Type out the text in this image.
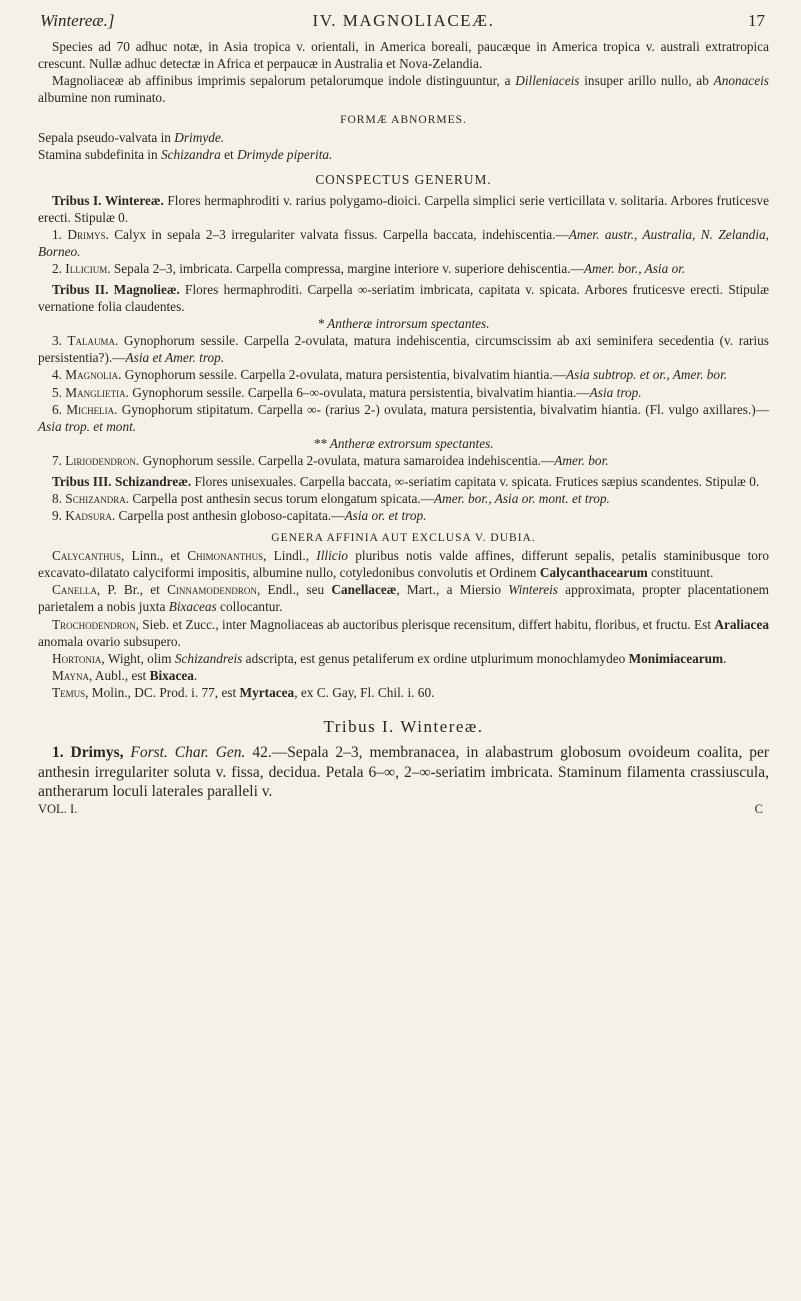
Wintereæ.]	IV. MAGNOLIACEÆ.	17

Species ad 70 adhuc notæ, in Asia tropica v. orientali, in America boreali, paucæque in America tropica v. australi extratropica crescunt. Nullæ adhuc detectæ in Africa et perpaucæ in Australia et Nova-Zelandia.

Magnoliaceæ ab affinibus imprimis sepalorum petalorumque indole distinguuntur, a Dilleniaceis insuper arillo nullo, ab Anonaceis albumine non ruminato.

FORMÆ ABNORMES.

Sepala pseudo-valvata in Drimyde.

Stamina subdefinita in Schizandra et Drimyde piperita.

CONSPECTUS GENERUM.

Tribus I. Wintereæ. Flores hermaphroditi v. rarius polygamo-dioici. Carpella simplici serie verticillata v. solitaria. Arbores fruticesve erecti. Stipulæ 0.

1. Drimys. Calyx in sepala 2–3 irregulariter valvata fissus. Carpella baccata, indehiscentia.—Amer. austr., Australia, N. Zelandia, Borneo.

2. Illicium. Sepala 2–3, imbricata. Carpella compressa, margine interiore v. superiore dehiscentia.—Amer. bor., Asia or.

Tribus II. Magnolieæ. Flores hermaphroditi. Carpella ∞-seriatim imbricata, capitata v. spicata. Arbores fruticesve erecti. Stipulæ vernatione folia claudentes.

* Antheræ introrsum spectantes.

3. Talauma. Gynophorum sessile. Carpella 2-ovulata, matura indehiscentia, circumscissim ab axi seminifera secedentia (v. rarius persistentia?).—Asia et Amer. trop.

4. Magnolia. Gynophorum sessile. Carpella 2-ovulata, matura persistentia, bivalvatim hiantia.—Asia subtrop. et or., Amer. bor.

5. Manglietia. Gynophorum sessile. Carpella 6–∞-ovulata, matura persistentia, bivalvatim hiantia.—Asia trop.

6. Michelia. Gynophorum stipitatum. Carpella ∞- (rarius 2-) ovulata, matura persistentia, bivalvatim hiantia. (Fl. vulgo axillares.)—Asia trop. et mont.

** Antheræ extrorsum spectantes.

7. Liriodendron. Gynophorum sessile. Carpella 2-ovulata, matura samaroidea indehiscentia.—Amer. bor.

Tribus III. Schizandreæ. Flores unisexuales. Carpella baccata, ∞-seriatim capitata v. spicata. Frutices sæpius scandentes. Stipulæ 0.

8. Schizandra. Carpella post anthesin secus torum elongatum spicata.—Amer. bor., Asia or. mont. et trop.

9. Kadsura. Carpella post anthesin globoso-capitata.—Asia or. et trop.

GENERA AFFINIA AUT EXCLUSA V. DUBIA.

Calycanthus, Linn., et Chimonanthus, Lindl., Illicio pluribus notis valde affines, differunt sepalis, petalis staminibusque toro excavato-dilatato calyciformi impositis, albumine nullo, cotyledonibus convolutis et Ordinem Calycanthacearum constituunt.

Canella, P. Br., et Cinnamodendron, Endl., seu Canellaceæ, Mart., a Miersio Wintereis approximata, propter placentationem parietalem a nobis juxta Bixaceas collocantur.

Trochodendron, Sieb. et Zucc., inter Magnoliaceas ab auctoribus plerisque recensitum, differt habitu, floribus, et fructu. Est Araliacea anomala ovario subsupero.

Hortonia, Wight, olim Schizandreis adscripta, est genus petaliferum ex ordine utplurimum monochlamydeo Monimiacearum.

Mayna, Aubl., est Bixacea.

Temus, Molin., DC. Prod. i. 77, est Myrtacea, ex C. Gay, Fl. Chil. i. 60.

Tribus I. Wintereæ.

1. Drimys, Forst. Char. Gen. 42.—Sepala 2–3, membranacea, in alabastrum globosum ovoideum coalita, per anthesin irregulariter soluta v. fissa, decidua. Petala 6–∞, 2–∞-seriatim imbricata. Staminum filamenta crassiuscula, antherarum loculi laterales paralleli v.

VOL. I.	C
